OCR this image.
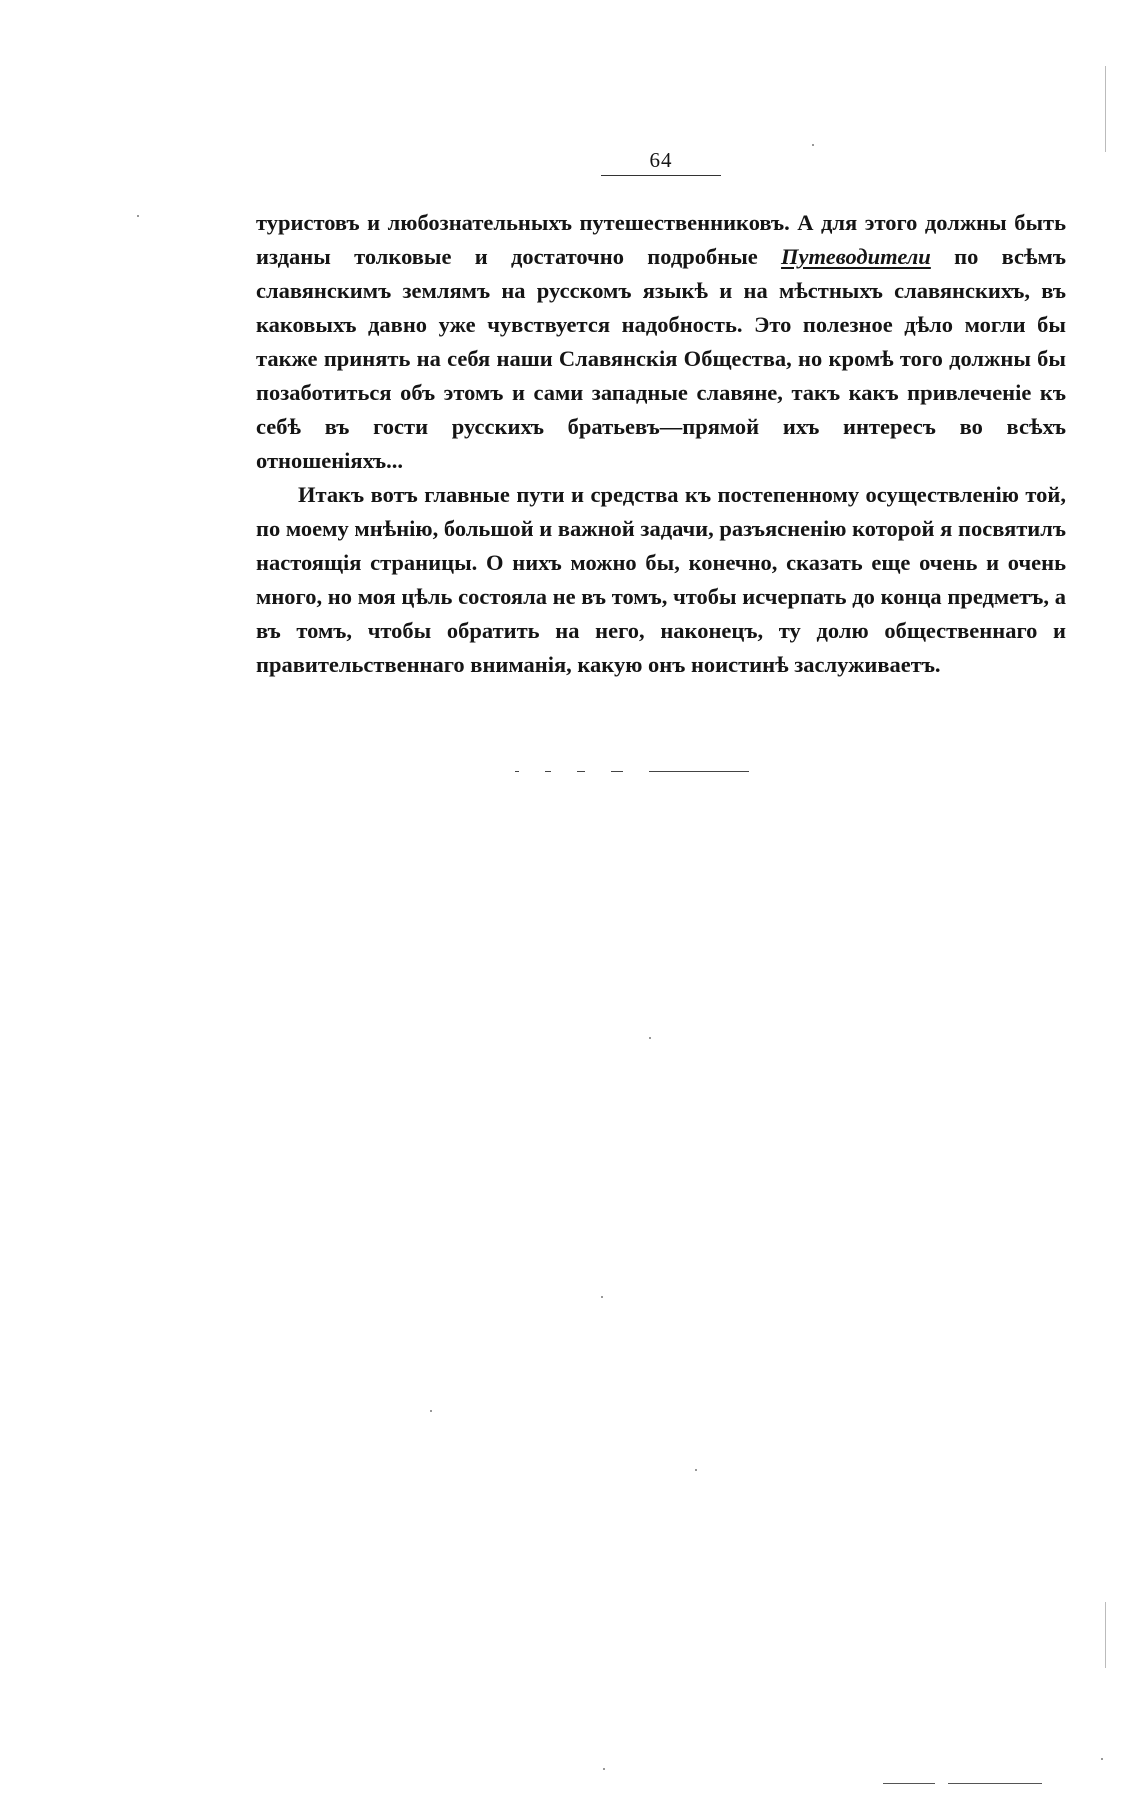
64

туристовъ и любознательныхъ путешественниковъ. А для этого должны быть изданы толковые и достаточно подробные Путеводители по всѣмъ славянскимъ землямъ на русскомъ языкѣ и на мѣстныхъ славянскихъ, въ каковыхъ давно уже чувствуется надобность. Это полезное дѣло могли бы также принять на себя наши Славянскія Общества, но кромѣ того должны бы позаботиться объ этомъ и сами западные славяне, такъ какъ привлеченіе къ себѣ въ гости русскихъ братьевъ—прямой ихъ интересъ во всѣхъ отношеніяхъ...

Итакъ вотъ главные пути и средства къ постепенному осуществленію той, по моему мнѣнію, большой и важной задачи, разъясненію которой я посвятилъ настоящія страницы. О нихъ можно бы, конечно, сказать еще очень и очень много, но моя цѣль состояла не въ томъ, чтобы исчерпать до конца предметъ, а въ томъ, чтобы обратить на него, наконецъ, ту долю общественнаго и правительственнаго вниманія, какую онъ ноистинѣ заслуживаетъ.
